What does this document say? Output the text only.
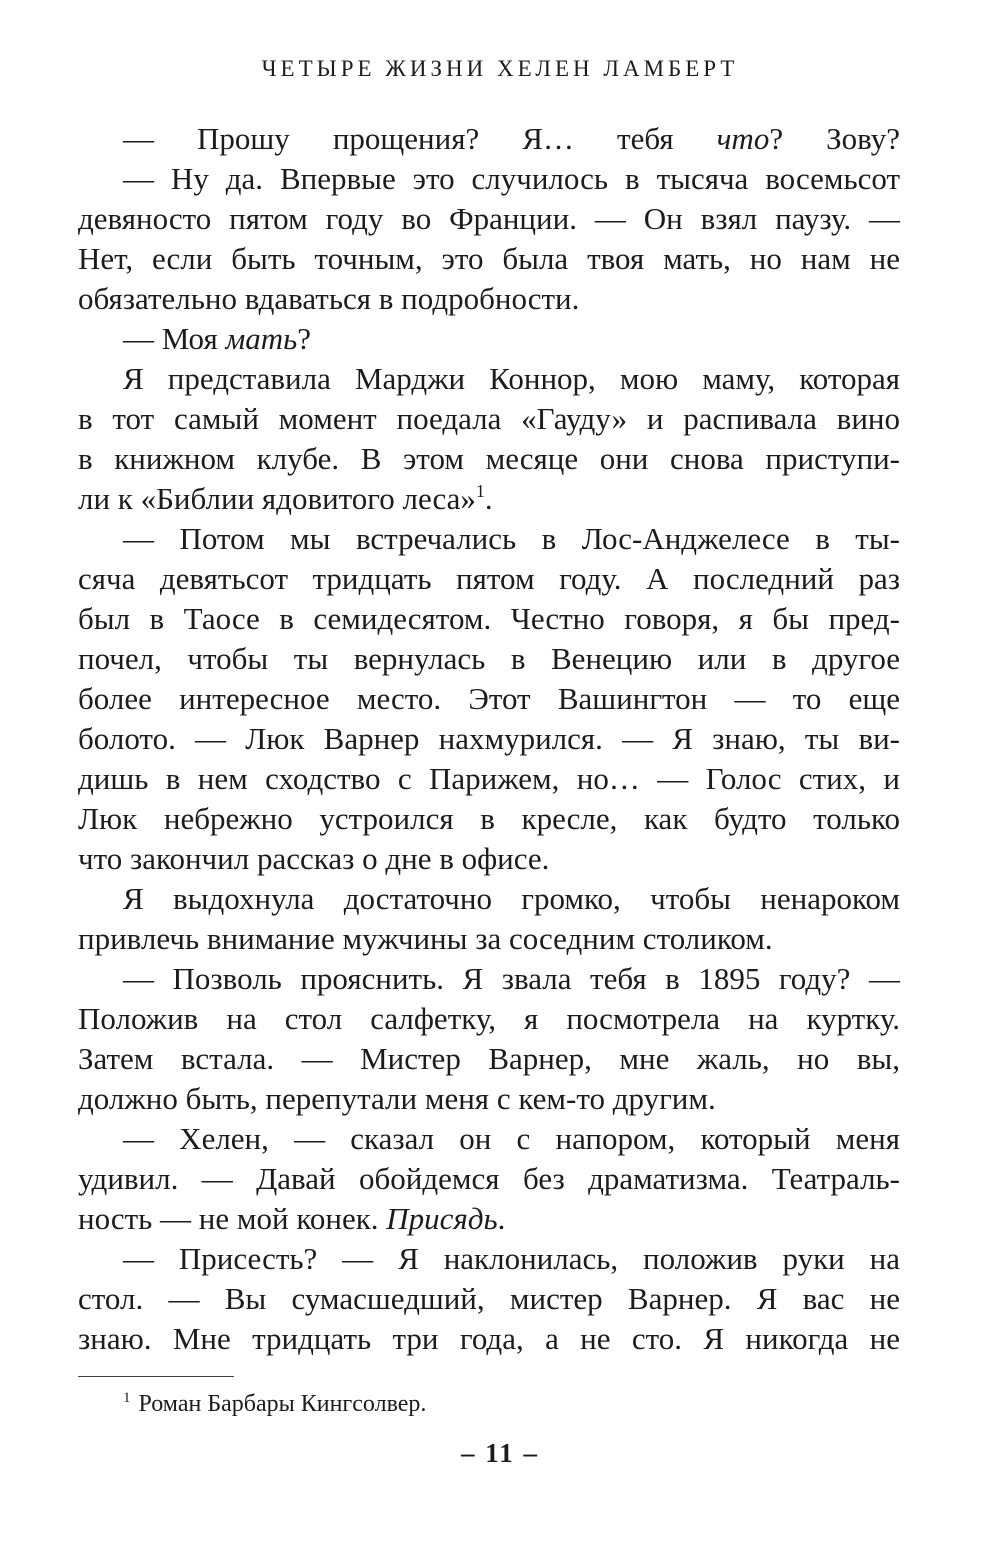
ЧЕТЫРЕ ЖИЗНИ ХЕЛЕН ЛАМБЕРТ
— Прошу прощения? Я… тебя что? Зову?
— Ну да. Впервые это случилось в тысяча восемьсот
девяносто пятом году во Франции. — Он взял паузу. —
Нет, если быть точным, это была твоя мать, но нам не
обязательно вдаваться в подробности.
— Моя мать?
Я представила Марджи Коннор, мою маму, которая
в тот самый момент поедала «Гауду» и распивала вино
в книжном клубе. В этом месяце они снова приступи-
ли к «Библии ядовитого леса»$^1$.
— Потом мы встречались в Лос-Анджелесе в ты-
сяча девятьсот тридцать пятом году. А последний раз
был в Таосе в семидесятом. Честно говоря, я бы пред-
почел, чтобы ты вернулась в Венецию или в другое
более интересное место. Этот Вашингтон — то еще
болото. — Люк Варнер нахмурился. — Я знаю, ты ви-
дишь в нем сходство с Парижем, но… — Голос стих, и
Люк небрежно устроился в кресле, как будто только
что закончил рассказ о дне в офисе.
Я выдохнула достаточно громко, чтобы ненароком
привлечь внимание мужчины за соседним столиком.
— Позволь прояснить. Я звала тебя в 1895 году? —
Положив на стол салфетку, я посмотрела на куртку.
Затем встала. — Мистер Варнер, мне жаль, но вы,
должно быть, перепутали меня с кем-то другим.
— Хелен, — сказал он с напором, который меня
удивил. — Давай обойдемся без драматизма. Театраль-
ность — не мой конек. Присядь.
— Присесть? — Я наклонилась, положив руки на
стол. — Вы сумасшедший, мистер Варнер. Я вас не
знаю. Мне тридцать три года, а не сто. Я никогда не
$^1$ Роман Барбары Кингсолвер.
– 11 –
